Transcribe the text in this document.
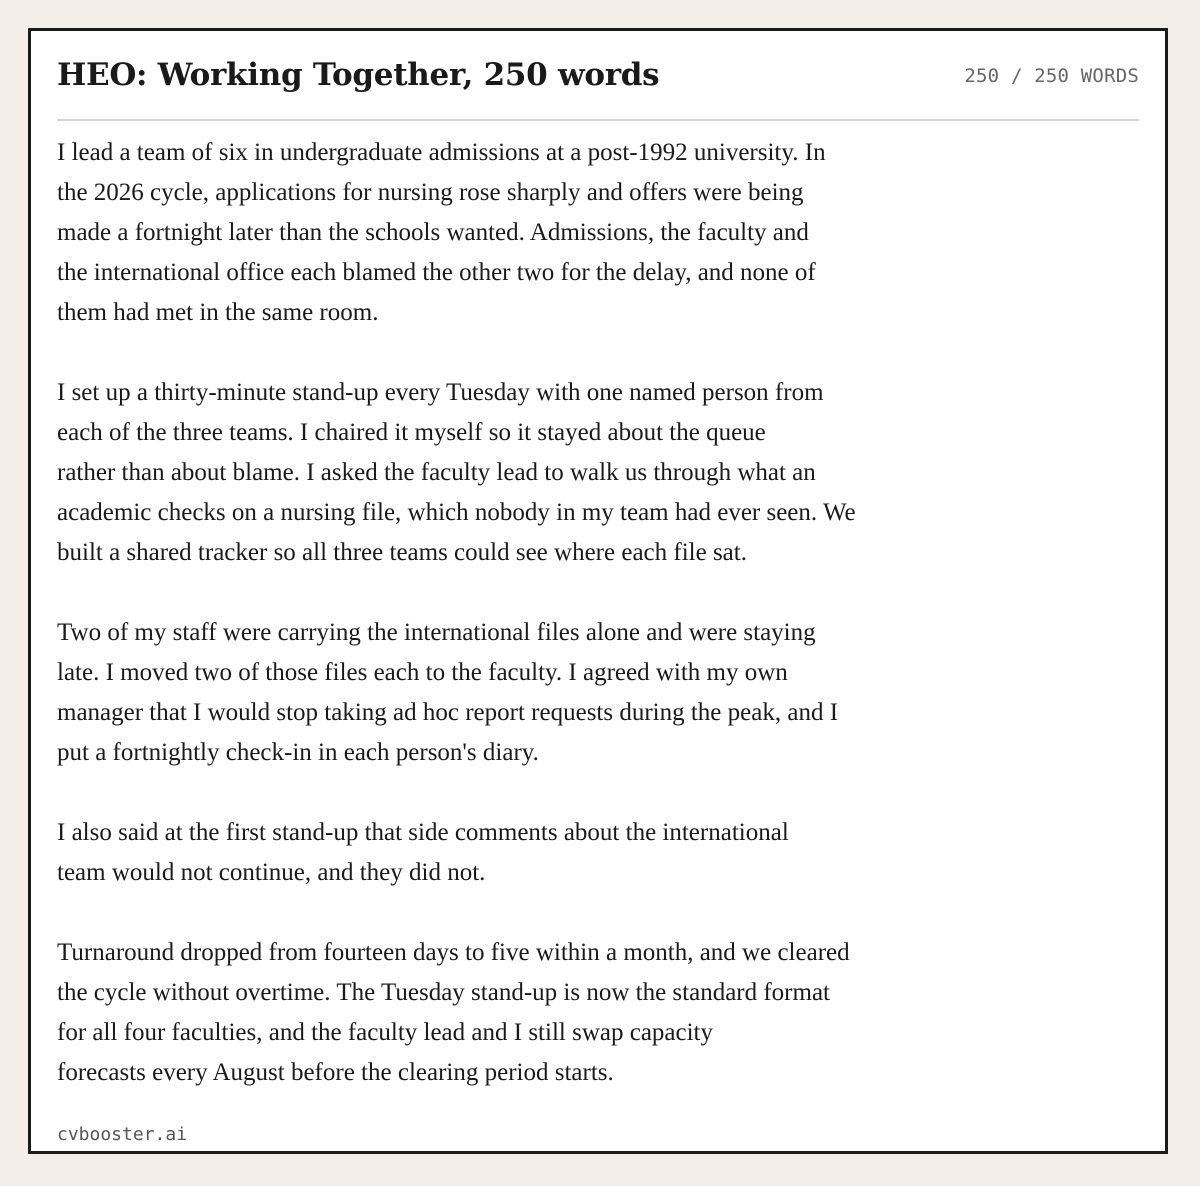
HEO: Working Together, 250 words	250 / 250 WORDS

I lead a team of six in undergraduate admissions at a post-1992 university. In
the 2026 cycle, applications for nursing rose sharply and offers were being
made a fortnight later than the schools wanted. Admissions, the faculty and
the international office each blamed the other two for the delay, and none of
them had met in the same room.

I set up a thirty-minute stand-up every Tuesday with one named person from
each of the three teams. I chaired it myself so it stayed about the queue
rather than about blame. I asked the faculty lead to walk us through what an
academic checks on a nursing file, which nobody in my team had ever seen. We
built a shared tracker so all three teams could see where each file sat.

Two of my staff were carrying the international files alone and were staying
late. I moved two of those files each to the faculty. I agreed with my own
manager that I would stop taking ad hoc report requests during the peak, and I
put a fortnightly check-in in each person's diary.

I also said at the first stand-up that side comments about the international
team would not continue, and they did not.

Turnaround dropped from fourteen days to five within a month, and we cleared
the cycle without overtime. The Tuesday stand-up is now the standard format
for all four faculties, and the faculty lead and I still swap capacity
forecasts every August before the clearing period starts.

cvbooster.ai
